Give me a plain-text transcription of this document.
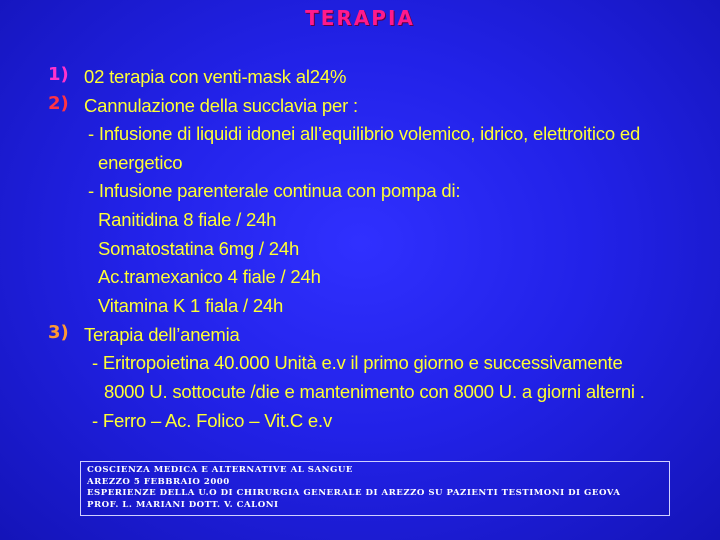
TERAPIA
1) 02 terapia con venti-mask al24%
2) Cannulazione della succlavia per :
- Infusione di liquidi idonei all’equilibrio volemico, idrico, elettroitico ed
energetico
- Infusione parenterale continua con pompa di:
Ranitidina 8 fiale / 24h
Somatostatina 6mg / 24h
Ac.tramexanico 4 fiale / 24h
Vitamina K 1 fiala / 24h
3) Terapia dell’anemia
- Eritropoietina 40.000 Unità e.v il primo giorno e successivamente
8000 U. sottocute /die e mantenimento con 8000 U. a giorni alterni .
- Ferro – Ac. Folico – Vit.C e.v
COSCIENZA MEDICA E ALTERNATIVE AL SANGUE
AREZZO 5 FEBBRAIO 2000
ESPERIENZE DELLA U.O DI CHIRURGIA GENERALE DI AREZZO SU PAZIENTI TESTIMONI DI GEOVA
PROF. L. MARIANI DOTT. V. CALONI
